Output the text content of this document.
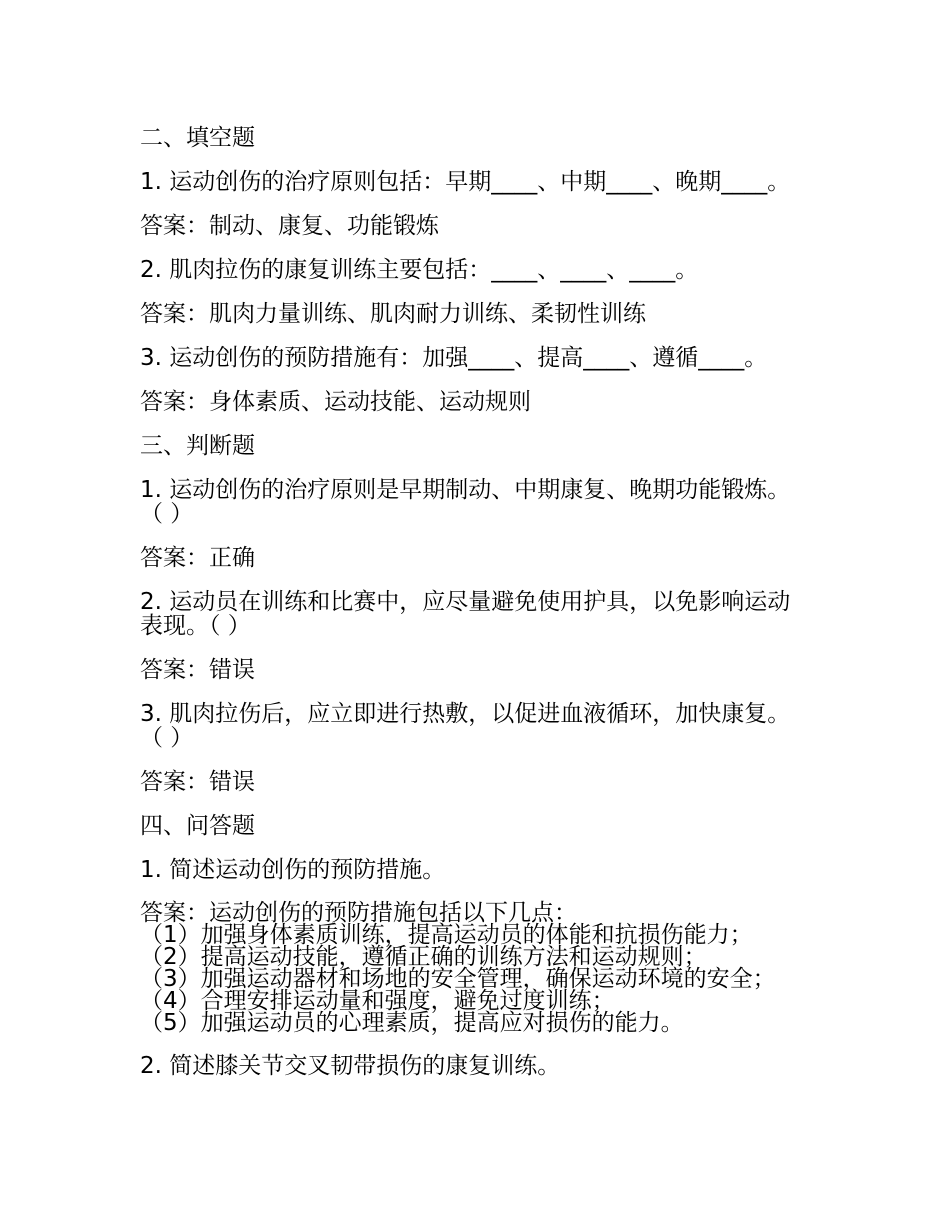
二、填空题
1. 运动创伤的治疗原则包括：早期____、中期____、晚期____。
答案：制动、康复、功能锻炼
2. 肌肉拉伤的康复训练主要包括：____、____、____。
答案：肌肉力量训练、肌肉耐力训练、柔韧性训练
3. 运动创伤的预防措施有：加强____、提高____、遵循____。
答案：身体素质、运动技能、运动规则
三、判断题
1. 运动创伤的治疗原则是早期制动、中期康复、晚期功能锻炼。（ ）
答案：正确
2. 运动员在训练和比赛中，应尽量避免使用护具，以免影响运动表现。（ ）
答案：错误
3. 肌肉拉伤后，应立即进行热敷，以促进血液循环，加快康复。（ ）
答案：错误
四、问答题
1. 简述运动创伤的预防措施。
答案：运动创伤的预防措施包括以下几点：
（1）加强身体素质训练，提高运动员的体能和抗损伤能力；
（2）提高运动技能，遵循正确的训练方法和运动规则；
（3）加强运动器材和场地的安全管理，确保运动环境的安全；
（4）合理安排运动量和强度，避免过度训练；
（5）加强运动员的心理素质，提高应对损伤的能力。
2. 简述膝关节交叉韧带损伤的康复训练。
